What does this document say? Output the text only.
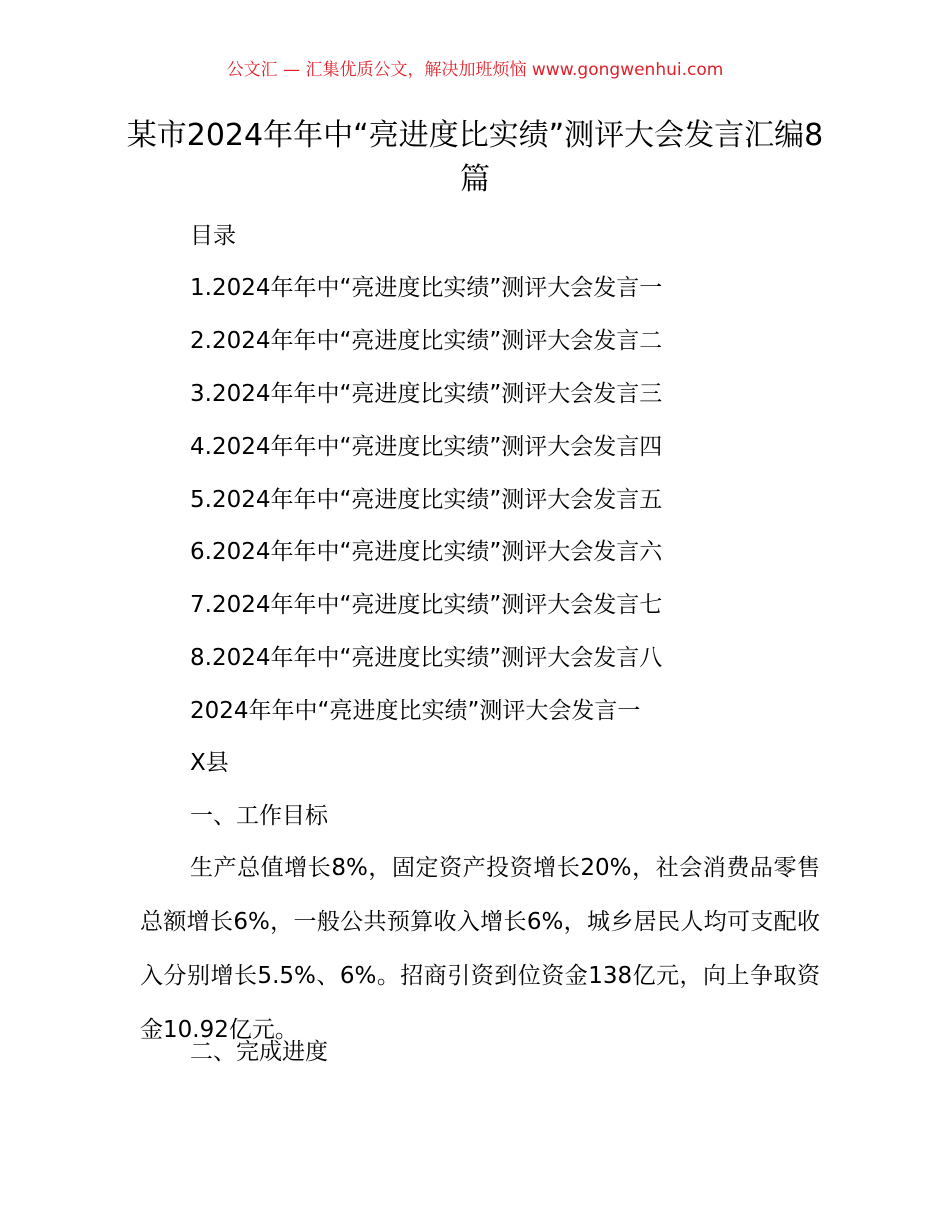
公文汇 — 汇集优质公文，解决加班烦恼 www.gongwenhui.com
某市2024年年中“亮进度比实绩”测评大会发言汇编8篇
目录
1.2024年年中“亮进度比实绩”测评大会发言一
2.2024年年中“亮进度比实绩”测评大会发言二
3.2024年年中“亮进度比实绩”测评大会发言三
4.2024年年中“亮进度比实绩”测评大会发言四
5.2024年年中“亮进度比实绩”测评大会发言五
6.2024年年中“亮进度比实绩”测评大会发言六
7.2024年年中“亮进度比实绩”测评大会发言七
8.2024年年中“亮进度比实绩”测评大会发言八
2024年年中“亮进度比实绩”测评大会发言一
X县
一、工作目标
生产总值增长8%，固定资产投资增长20%，社会消费品零售总额增长6%，一般公共预算收入增长6%，城乡居民人均可支配收入分别增长5.5%、6%。招商引资到位资金138亿元，向上争取资金10.92亿元。
二、完成进度
